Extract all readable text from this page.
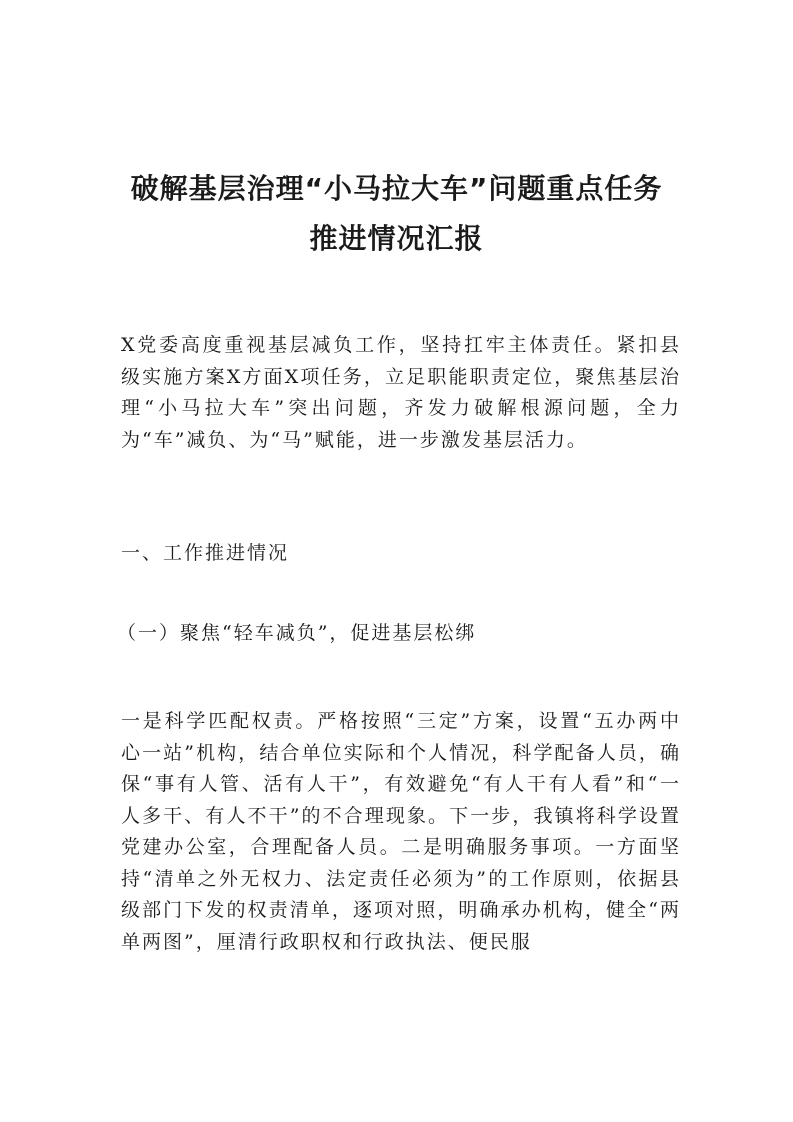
破解基层治理“小马拉大车”问题重点任务
推进情况汇报
X党委高度重视基层减负工作，坚持扛牢主体责任。紧扣县级实施方案X方面X项任务，立足职能职责定位，聚焦基层治理“小马拉大车”突出问题，齐发力破解根源问题，全力为“车”减负、为“马”赋能，进一步激发基层活力。
一、工作推进情况
（一）聚焦“轻车减负”，促进基层松绑
一是科学匹配权责。严格按照“三定”方案，设置“五办两中心一站”机构，结合单位实际和个人情况，科学配备人员，确保“事有人管、活有人干”，有效避免“有人干有人看”和“一人多干、有人不干”的不合理现象。下一步，我镇将科学设置党建办公室，合理配备人员。二是明确服务事项。一方面坚持“清单之外无权力、法定责任必须为”的工作原则，依据县级部门下发的权责清单，逐项对照，明确承办机构，健全“两单两图”，厘清行政职权和行政执法、便民服
